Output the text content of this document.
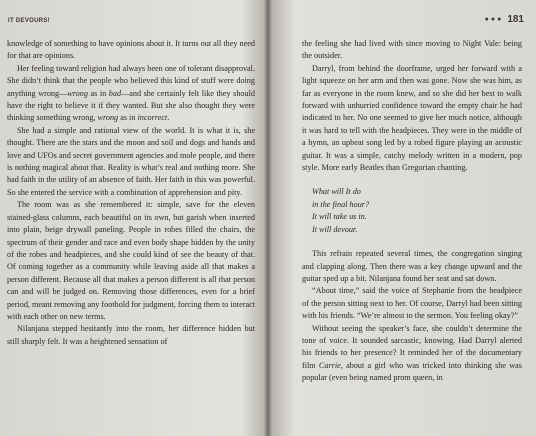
IT DEVOURS!

knowledge of something to have opinions about it. It turns out all they need for that are opinions.

Her feeling toward religion had always been one of tolerant disapproval. She didn’t think that the people who believed this kind of stuff were doing anything wrong—wrong as in bad—and she certainly felt like they should have the right to believe it if they wanted. But she also thought they were thinking something wrong, wrong as in incorrect.

She had a simple and rational view of the world. It is what it is, she thought. There are the stars and the moon and soil and dogs and hands and love and UFOs and secret government agencies and mole people, and there is nothing magical about that. Reality is what’s real and nothing more. She had faith in the utility of an absence of faith. Her faith in this was powerful. So she entered the service with a combination of apprehension and pity.

The room was as she remembered it: simple, save for the eleven stained-glass columns, each beautiful on its own, but garish when inserted into plain, beige drywall paneling. People in robes filled the chairs, the spectrum of their gender and race and even body shape hidden by the unity of the robes and headpieces, and she could kind of see the beauty of that. Of coming together as a community while leaving aside all that makes a person different. Because all that makes a person different is all that person can and will be judged on. Removing those differences, even for a brief period, meant removing any foothold for judgment, forcing them to interact with each other on new terms.

Nilanjana stepped hesitantly into the room, her difference hidden but still sharply felt. It was a heightened sensation of

●●● 181

the feeling she had lived with since moving to Night Vale: being the outsider.

Darryl, from behind the doorframe, urged her forward with a light squeeze on her arm and then was gone. Now she was him, as far as everyone in the room knew, and so she did her best to walk forward with unhurried confidence toward the empty chair he had indicated to her. No one seemed to give her much notice, although it was hard to tell with the headpieces. They were in the middle of a hymn, an upbeat song led by a robed figure playing an acoustic guitar. It was a simple, catchy melody written in a modern, pop style. More early Beatles than Gregorian chanting.

What will It do
in the final hour?
It will take us in.
It will devour.

This refrain repeated several times, the congregation singing and clapping along. Then there was a key change upward and the guitar sped up a bit. Nilanjana found her seat and sat down.

“About time,” said the voice of Stephanie from the headpiece of the person sitting next to her. Of course, Darryl had been sitting with his friends. “We’re almost to the sermon. You feeling okay?”

Without seeing the speaker’s face, she couldn’t determine the tone of voice. It sounded sarcastic, knowing. Had Darryl alerted his friends to her presence? It reminded her of the documentary film Carrie, about a girl who was tricked into thinking she was popular (even being named prom queen, in
